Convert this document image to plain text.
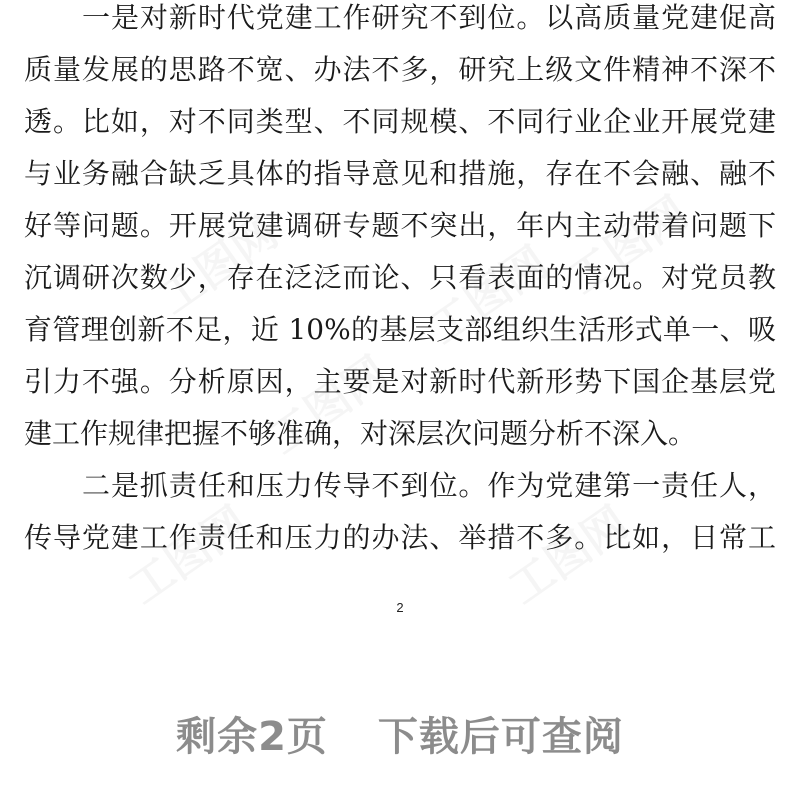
工图网	工图网 工图网
工图网
工图网	工图网
一是对新时代党建工作研究不到位。以高质量党建促高
质量发展的思路不宽、办法不多，研究上级文件精神不深不
透。比如，对不同类型、不同规模、不同行业企业开展党建
与业务融合缺乏具体的指导意见和措施，存在不会融、融不
好等问题。开展党建调研专题不突出，年内主动带着问题下
沉调研次数少，存在泛泛而论、只看表面的情况。对党员教
育管理创新不足，近 10%的基层支部组织生活形式单一、吸
引力不强。分析原因，主要是对新时代新形势下国企基层党
建工作规律把握不够准确，对深层次问题分析不深入。
二是抓责任和压力传导不到位。作为党建第一责任人，
传导党建工作责任和压力的办法、举措不多。比如，日常工
2
剩余2页 下载后可查阅
